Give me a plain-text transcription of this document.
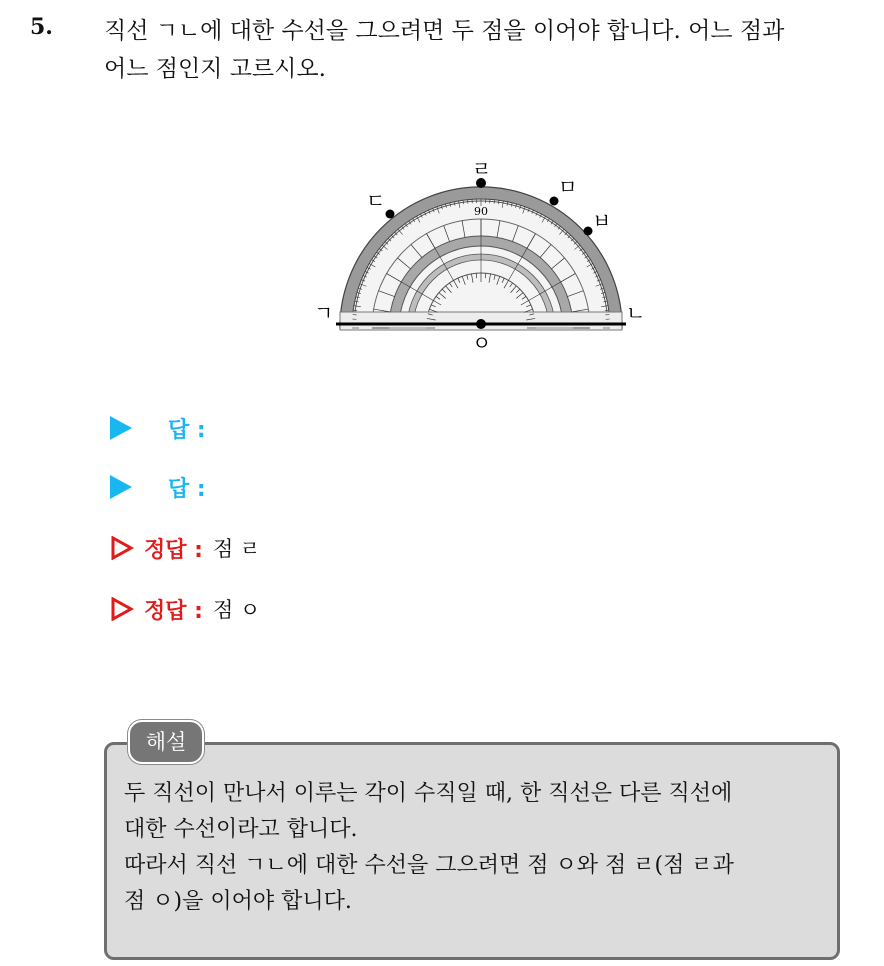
5. 직선 ㄱㄴ에 대한 수선을 그으려면 두 점을 이어야 합니다. 어느 점과
어느 점인지 고르시오.

90
ㄱ	ㄴ
ㄷ
ㄹ
ㅁ
ㅂ
ㅇ
답 :
답 :
정답 : 점 ㄹ
정답 : 점 ㅇ
해설
두 직선이 만나서 이루는 각이 수직일 때, 한 직선은 다른 직선에
대한 수선이라고 합니다.
따라서 직선 ㄱㄴ에 대한 수선을 그으려면 점 ㅇ와 점 ㄹ(점 ㄹ과
점 ㅇ)을 이어야 합니다.
